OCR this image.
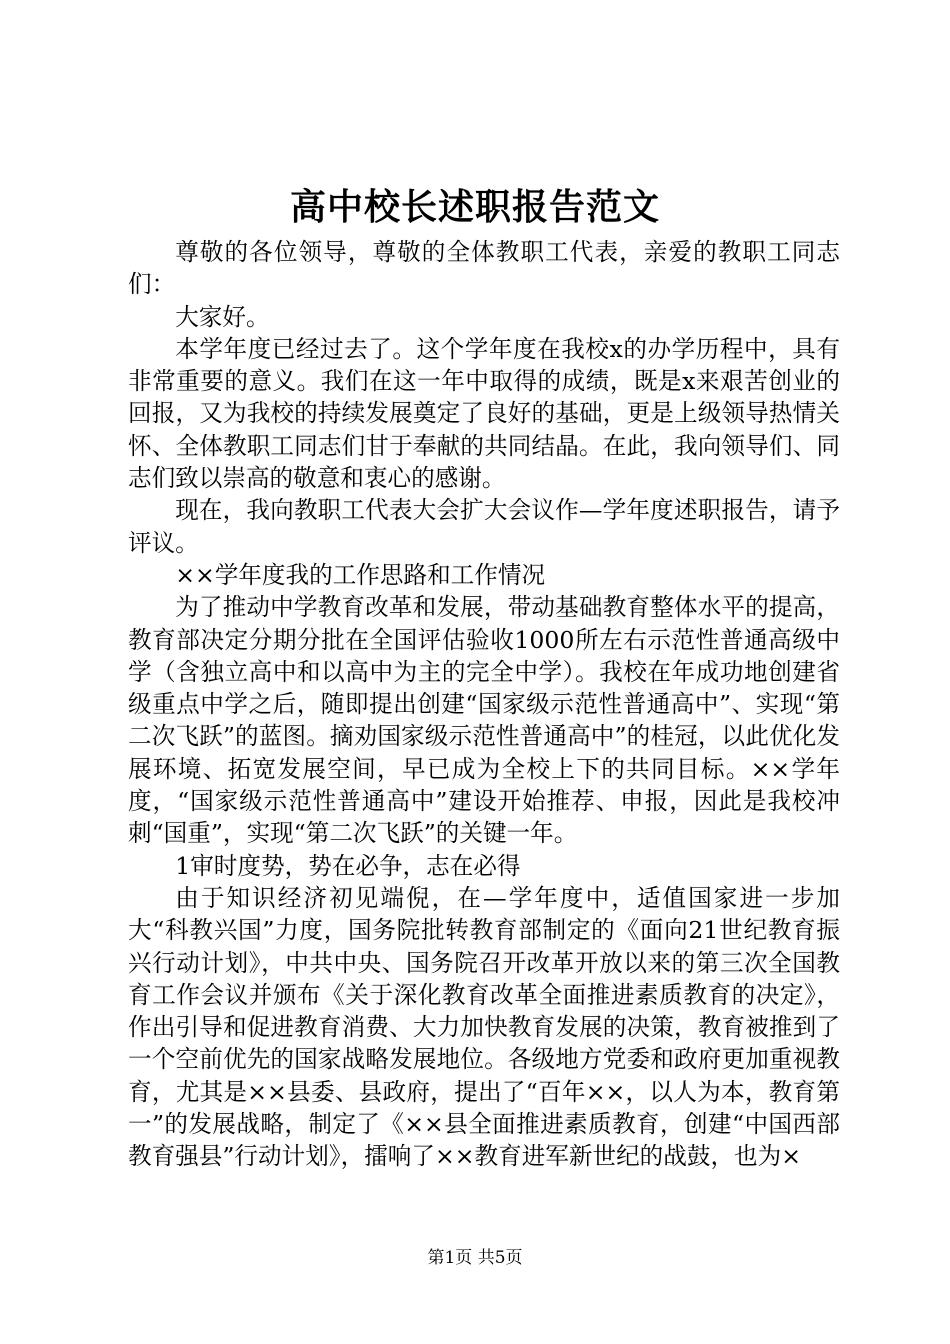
高中校长述职报告范文

尊敬的各位领导，尊敬的全体教职工代表，亲爱的教职工同志们：

大家好。

本学年度已经过去了。这个学年度在我校x的办学历程中，具有非常重要的意义。我们在这一年中取得的成绩，既是x来艰苦创业的回报，又为我校的持续发展奠定了良好的基础，更是上级领导热情关怀、全体教职工同志们甘于奉献的共同结晶。在此，我向领导们、同志们致以崇高的敬意和衷心的感谢。

现在，我向教职工代表大会扩大会议作—学年度述职报告，请予评议。

××学年度我的工作思路和工作情况

为了推动中学教育改革和发展，带动基础教育整体水平的提高，教育部决定分期分批在全国评估验收1000所左右示范性普通高级中学（含独立高中和以高中为主的完全中学）。我校在年成功地创建省级重点中学之后，随即提出创建“国家级示范性普通高中”、实现“第二次飞跃”的蓝图。摘劝国家级示范性普通高中”的桂冠，以此优化发展环境、拓宽发展空间，早已成为全校上下的共同目标。××学年度，“国家级示范性普通高中”建设开始推荐、申报，因此是我校冲刺“国重”，实现“第二次飞跃”的关键一年。

1审时度势，势在必争，志在必得

由于知识经济初见端倪，在—学年度中，适值国家进一步加大“科教兴国”力度，国务院批转教育部制定的《面向21世纪教育振兴行动计划》，中共中央、国务院召开改革开放以来的第三次全国教育工作会议并颁布《关于深化教育改革全面推进素质教育的决定》，作出引导和促进教育消费、大力加快教育发展的决策，教育被推到了一个空前优先的国家战略发展地位。各级地方党委和政府更加重视教育，尤其是××县委、县政府，提出了“百年××，以人为本，教育第一”的发展战略，制定了《××县全面推进素质教育，创建“中国西部教育强县”行动计划》，擂响了××教育进军新世纪的战鼓，也为×

第1页 共5页
